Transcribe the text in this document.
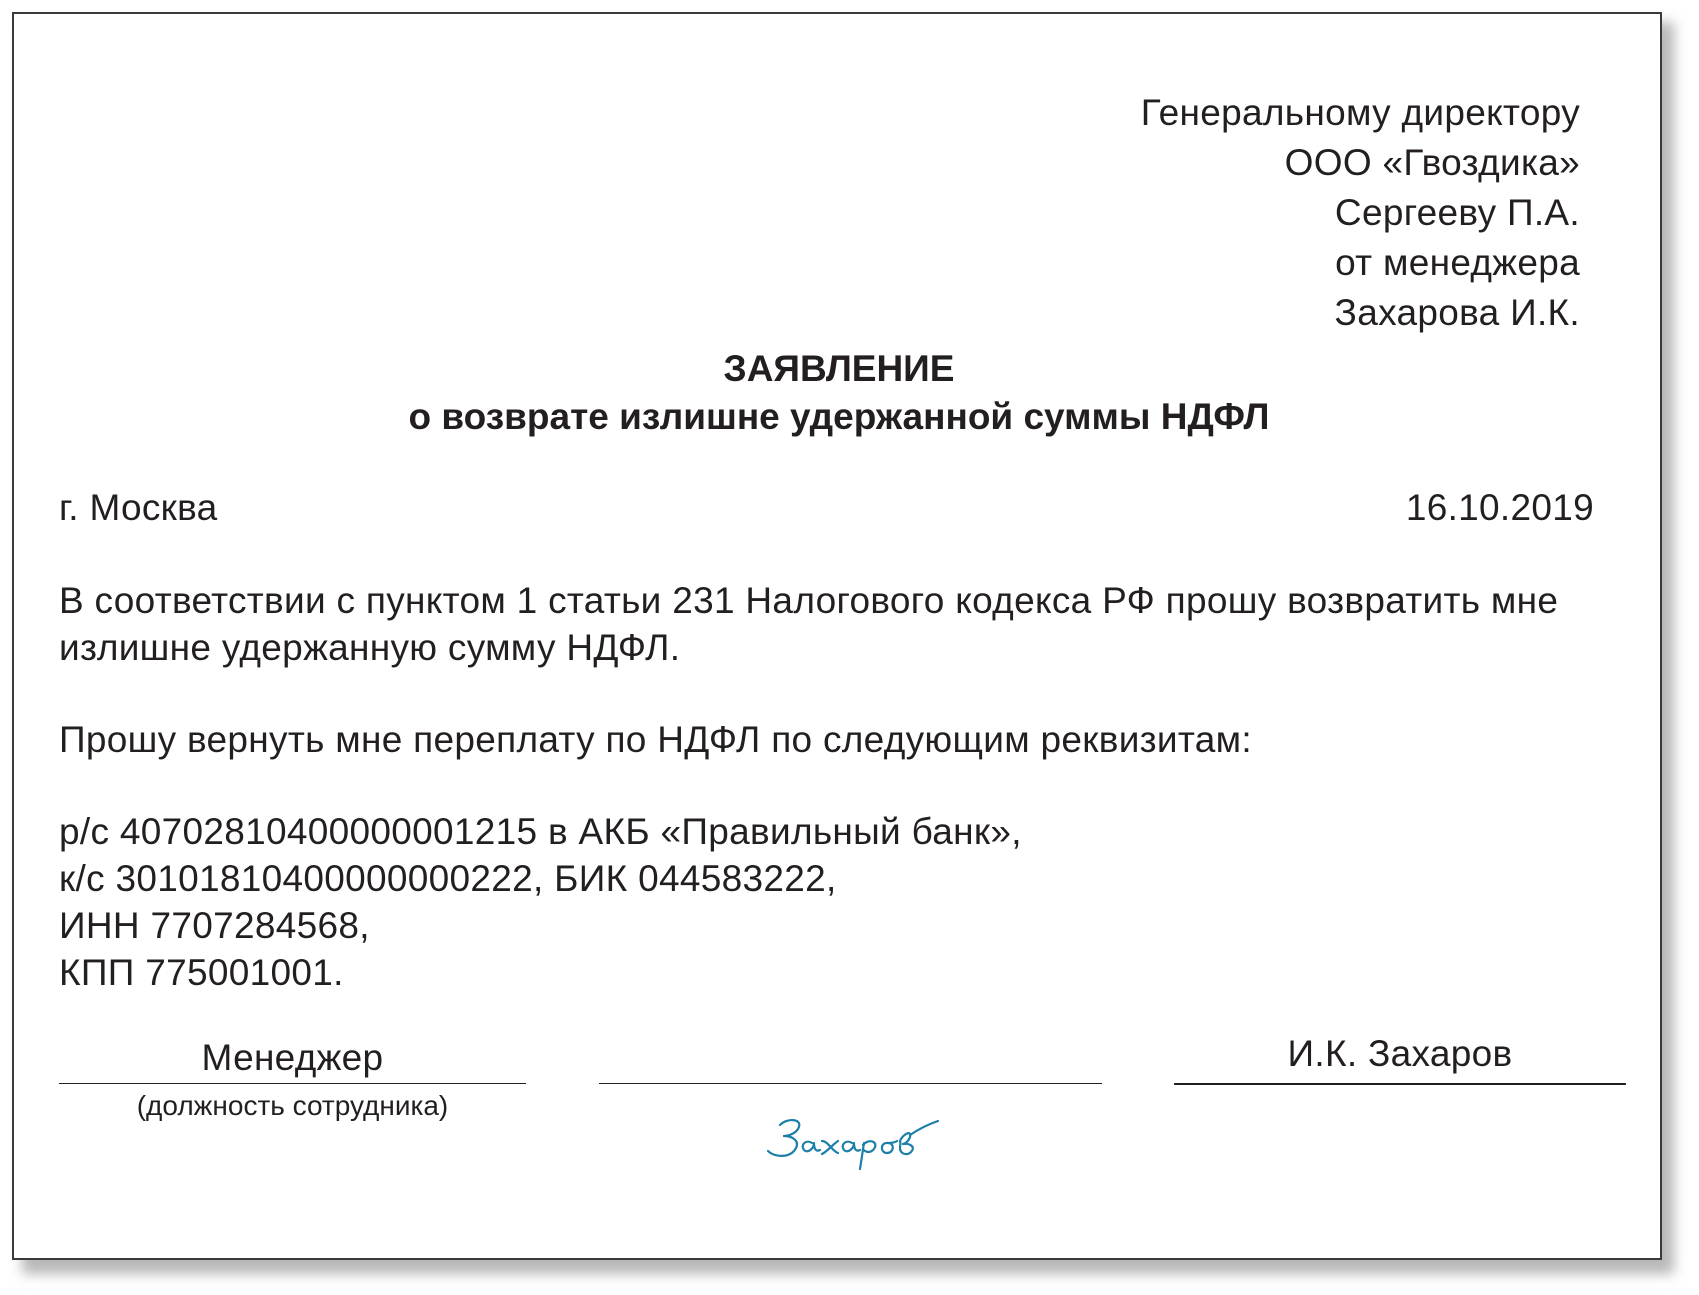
Генеральному директору
ООО «Гвоздика»
Сергееву П.А.
от менеджера
Захарова И.К.
ЗАЯВЛЕНИЕ
о возврате излишне удержанной суммы НДФЛ
г. Москва	16.10.2019
В соответствии с пунктом 1 статьи 231 Налогового кодекса РФ прошу возвратить мне
излишне удержанную сумму НДФЛ.
Прошу вернуть мне переплату по НДФЛ по следующим реквизитам:
р/с 40702810400000001215 в АКБ «Правильный банк»,
к/с 30101810400000000222, БИК 044583222,
ИНН 7707284568,
КПП 775001001.
Менеджер
(должность сотрудника)
И.К. Захаров
